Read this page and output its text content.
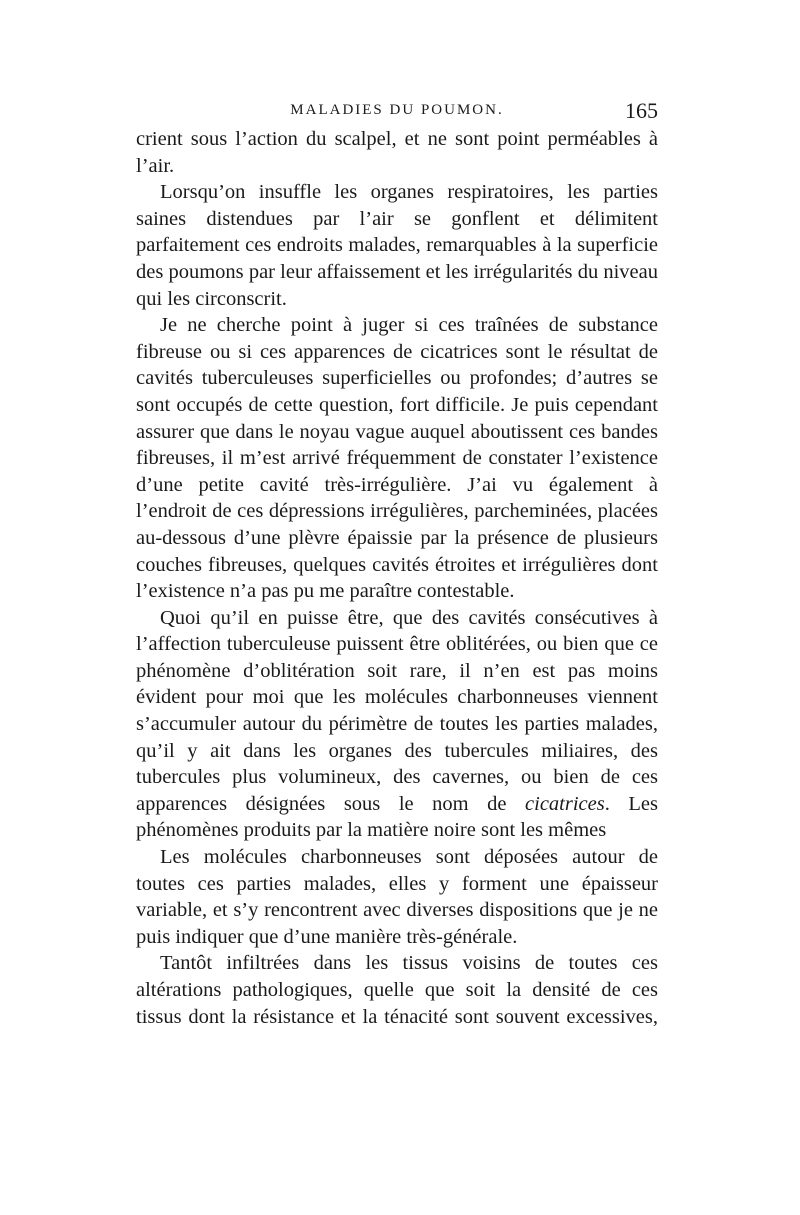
MALADIES DU POUMON.	165

crient sous l’action du scalpel, et ne sont point perméables à l’air.

Lorsqu’on insuffle les organes respiratoires, les parties saines distendues par l’air se gonflent et délimitent parfaitement ces endroits malades, remarquables à la superficie des poumons par leur affaissement et les irrégularités du niveau qui les circonscrit.

Je ne cherche point à juger si ces traînées de substance fibreuse ou si ces apparences de cicatrices sont le résultat de cavités tuberculeuses superficielles ou profondes; d’autres se sont occupés de cette question, fort difficile. Je puis cependant assurer que dans le noyau vague auquel aboutissent ces bandes fibreuses, il m’est arrivé fréquemment de constater l’existence d’une petite cavité très-irrégulière. J’ai vu également à l’endroit de ces dépressions irrégulières, parcheminées, placées au-dessous d’une plèvre épaissie par la présence de plusieurs couches fibreuses, quelques cavités étroites et irrégulières dont l’existence n’a pas pu me paraître contestable.

Quoi qu’il en puisse être, que des cavités consécutives à l’affection tuberculeuse puissent être oblitérées, ou bien que ce phénomène d’oblitération soit rare, il n’en est pas moins évident pour moi que les molécules charbonneuses viennent s’accumuler autour du périmètre de toutes les parties malades, qu’il y ait dans les organes des tubercules miliaires, des tubercules plus volumineux, des cavernes, ou bien de ces apparences désignées sous le nom de cicatrices. Les phénomènes produits par la matière noire sont les mêmes

Les molécules charbonneuses sont déposées autour de toutes ces parties malades, elles y forment une épaisseur variable, et s’y rencontrent avec diverses dispositions que je ne puis indiquer que d’une manière très-générale.

Tantôt infiltrées dans les tissus voisins de toutes ces altérations pathologiques, quelle que soit la densité de ces tissus dont la résistance et la ténacité sont souvent excessives,
